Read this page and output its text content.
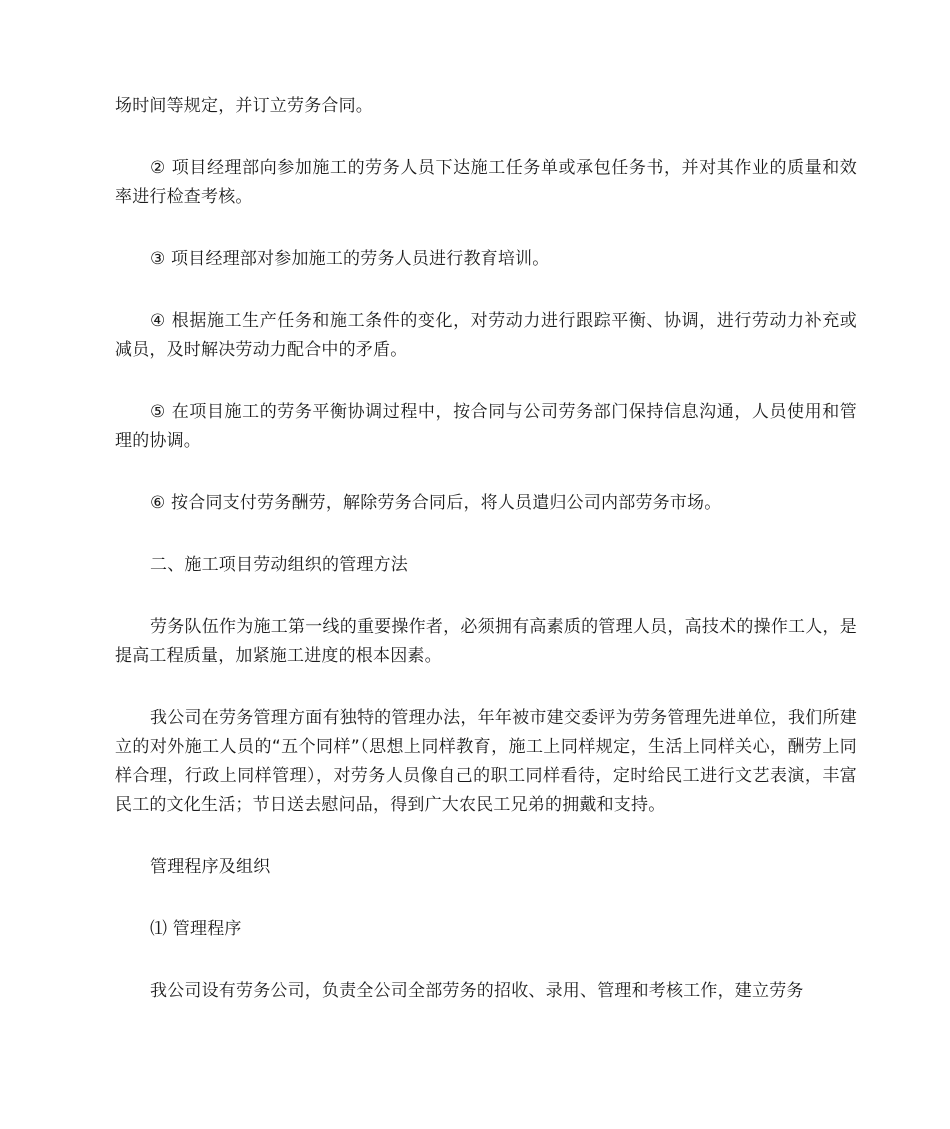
场时间等规定，并订立劳务合同。

② 项目经理部向参加施工的劳务人员下达施工任务单或承包任务书，并对其作业的质量和效率进行检查考核。

③ 项目经理部对参加施工的劳务人员进行教育培训。

④ 根据施工生产任务和施工条件的变化，对劳动力进行跟踪平衡、协调，进行劳动力补充或减员，及时解决劳动力配合中的矛盾。

⑤ 在项目施工的劳务平衡协调过程中，按合同与公司劳务部门保持信息沟通，人员使用和管理的协调。

⑥ 按合同支付劳务酬劳，解除劳务合同后，将人员遣归公司内部劳务市场。

二、施工项目劳动组织的管理方法

劳务队伍作为施工第一线的重要操作者，必须拥有高素质的管理人员，高技术的操作工人，是提高工程质量，加紧施工进度的根本因素。

我公司在劳务管理方面有独特的管理办法，年年被市建交委评为劳务管理先进单位，我们所建立的对外施工人员的“五个同样”（思想上同样教育，施工上同样规定，生活上同样关心，酬劳上同样合理，行政上同样管理），对劳务人员像自己的职工同样看待，定时给民工进行文艺表演，丰富民工的文化生活；节日送去慰问品，得到广大农民工兄弟的拥戴和支持。

管理程序及组织

⑴ 管理程序

我公司设有劳务公司，负责全公司全部劳务的招收、录用、管理和考核工作，建立劳务
